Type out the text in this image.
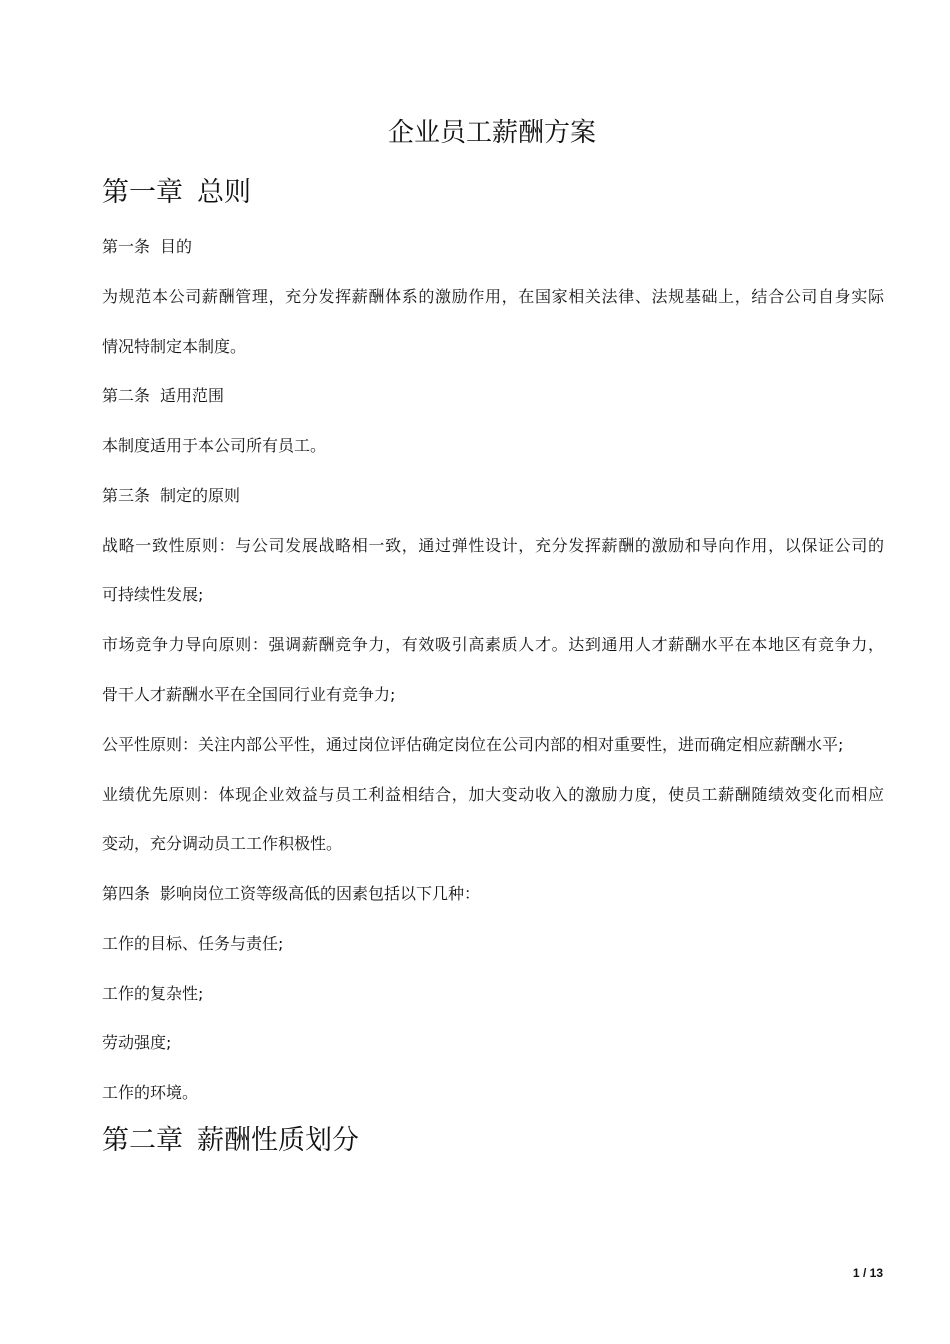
企业员工薪酬方案
第一章 总则
第一条 目的
为规范本公司薪酬管理，充分发挥薪酬体系的激励作用，在国家相关法律、法规基础上，结合公司自身实际
情况特制定本制度。
第二条 适用范围
本制度适用于本公司所有员工。
第三条 制定的原则
战略一致性原则：与公司发展战略相一致，通过弹性设计，充分发挥薪酬的激励和导向作用，以保证公司的
可持续性发展;
市场竞争力导向原则：强调薪酬竞争力，有效吸引高素质人才。达到通用人才薪酬水平在本地区有竞争力，
骨干人才薪酬水平在全国同行业有竞争力;
公平性原则：关注内部公平性，通过岗位评估确定岗位在公司内部的相对重要性，进而确定相应薪酬水平;
业绩优先原则：体现企业效益与员工利益相结合，加大变动收入的激励力度，使员工薪酬随绩效变化而相应
变动，充分调动员工工作积极性。
第四条 影响岗位工资等级高低的因素包括以下几种：
工作的目标、任务与责任;
工作的复杂性;
劳动强度;
工作的环境。
第二章 薪酬性质划分
1 / 13
